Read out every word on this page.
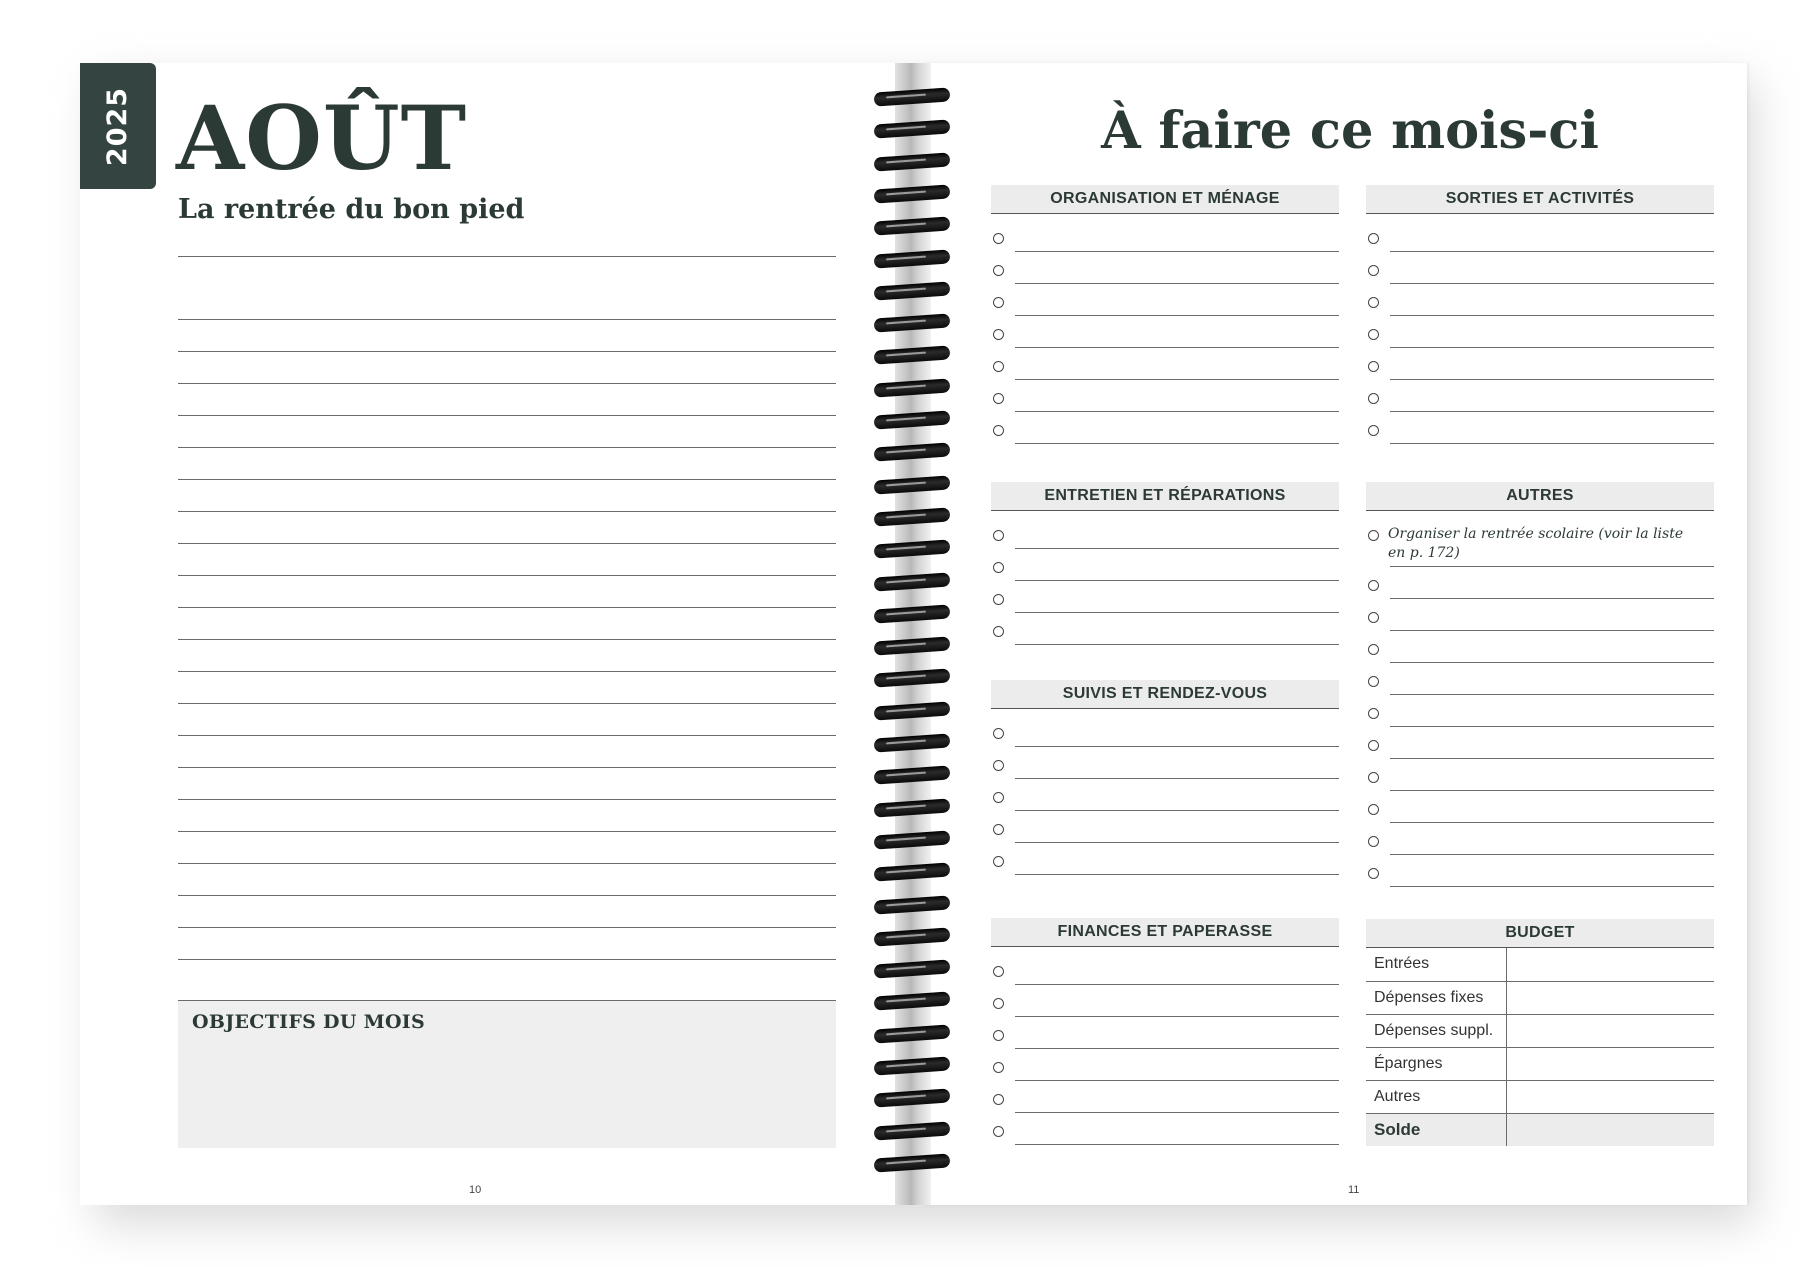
2025 AOÛT
La rentrée du bon pied
OBJECTIFS DU MOIS
10
À faire ce mois-ci
ORGANISATION ET MÉNAGE	SORTIES ET ACTIVITÉS
ENTRETIEN ET RÉPARATIONS	AUTRES
Organiser la rentrée scolaire (voir la liste en p. 172)
SUIVIS ET RENDEZ-VOUS
FINANCES ET PAPERASSE	BUDGET
Entrées	
Dépenses fixes	
Dépenses suppl.	
Épargnes	
Autres	
Solde	
11
